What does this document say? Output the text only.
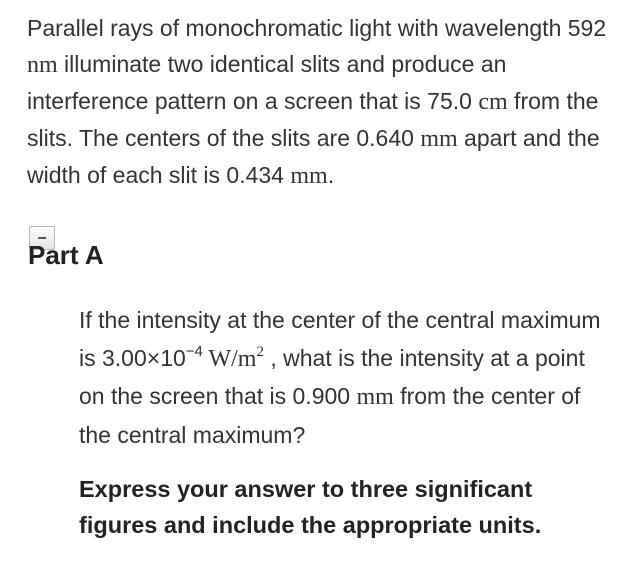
Parallel rays of monochromatic light with wavelength 592 nm illuminate two identical slits and produce an interference pattern on a screen that is 75.0 cm from the slits. The centers of the slits are 0.640 mm apart and the width of each slit is 0.434 mm.
Part A
If the intensity at the center of the central maximum is $3.00\times 10^{-4}$ $W/m^2$ , what is the intensity at a point on the screen that is 0.900 mm from the center of the central maximum?
Express your answer to three significant figures and include the appropriate units.
